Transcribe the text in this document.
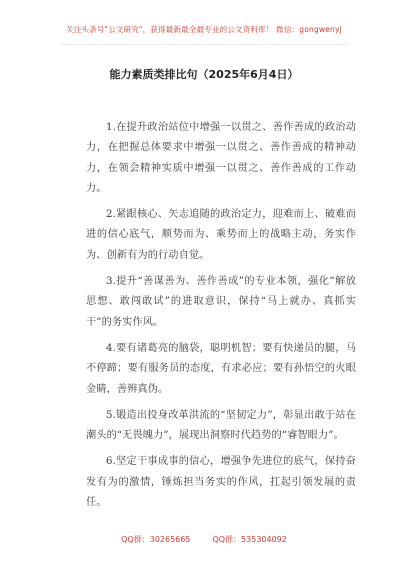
关注头条号"公文研究"，获得最新最全最专业的公文资料库！ 微信：gongwenyj
能力素质类排比句（2025年6月4日）

1.在提升政治站位中增强一以贯之、善作善成的政治动力，在把握总体要求中增强一以贯之、善作善成的精神动力，在领会精神实质中增强一以贯之、善作善成的工作动力。

2.紧跟核心、矢志追随的政治定力，迎难而上、破难而进的信心底气，顺势而为、乘势而上的战略主动，务实作为、创新有为的行动自觉。

3.提升“善谋善为、善作善成”的专业本领，强化“解放思想、敢闯敢试”的进取意识，保持“马上就办、真抓实干”的务实作风。

4.要有诸葛亮的脑袋，聪明机智；要有快递员的腿，马不停蹄；要有服务员的态度，有求必应；要有孙悟空的火眼金睛，善辨真伪。

5.锻造出投身改革洪流的“坚韧定力”，彰显出敢于站在潮头的“无畏魄力”，展现出洞察时代趋势的“睿智眼力”。

6.坚定干事成事的信心，增强争先进位的底气，保持奋发有为的激情，锤炼担当务实的作风，扛起引领发展的责任。

QQ群：30265665	QQ群：535304092
